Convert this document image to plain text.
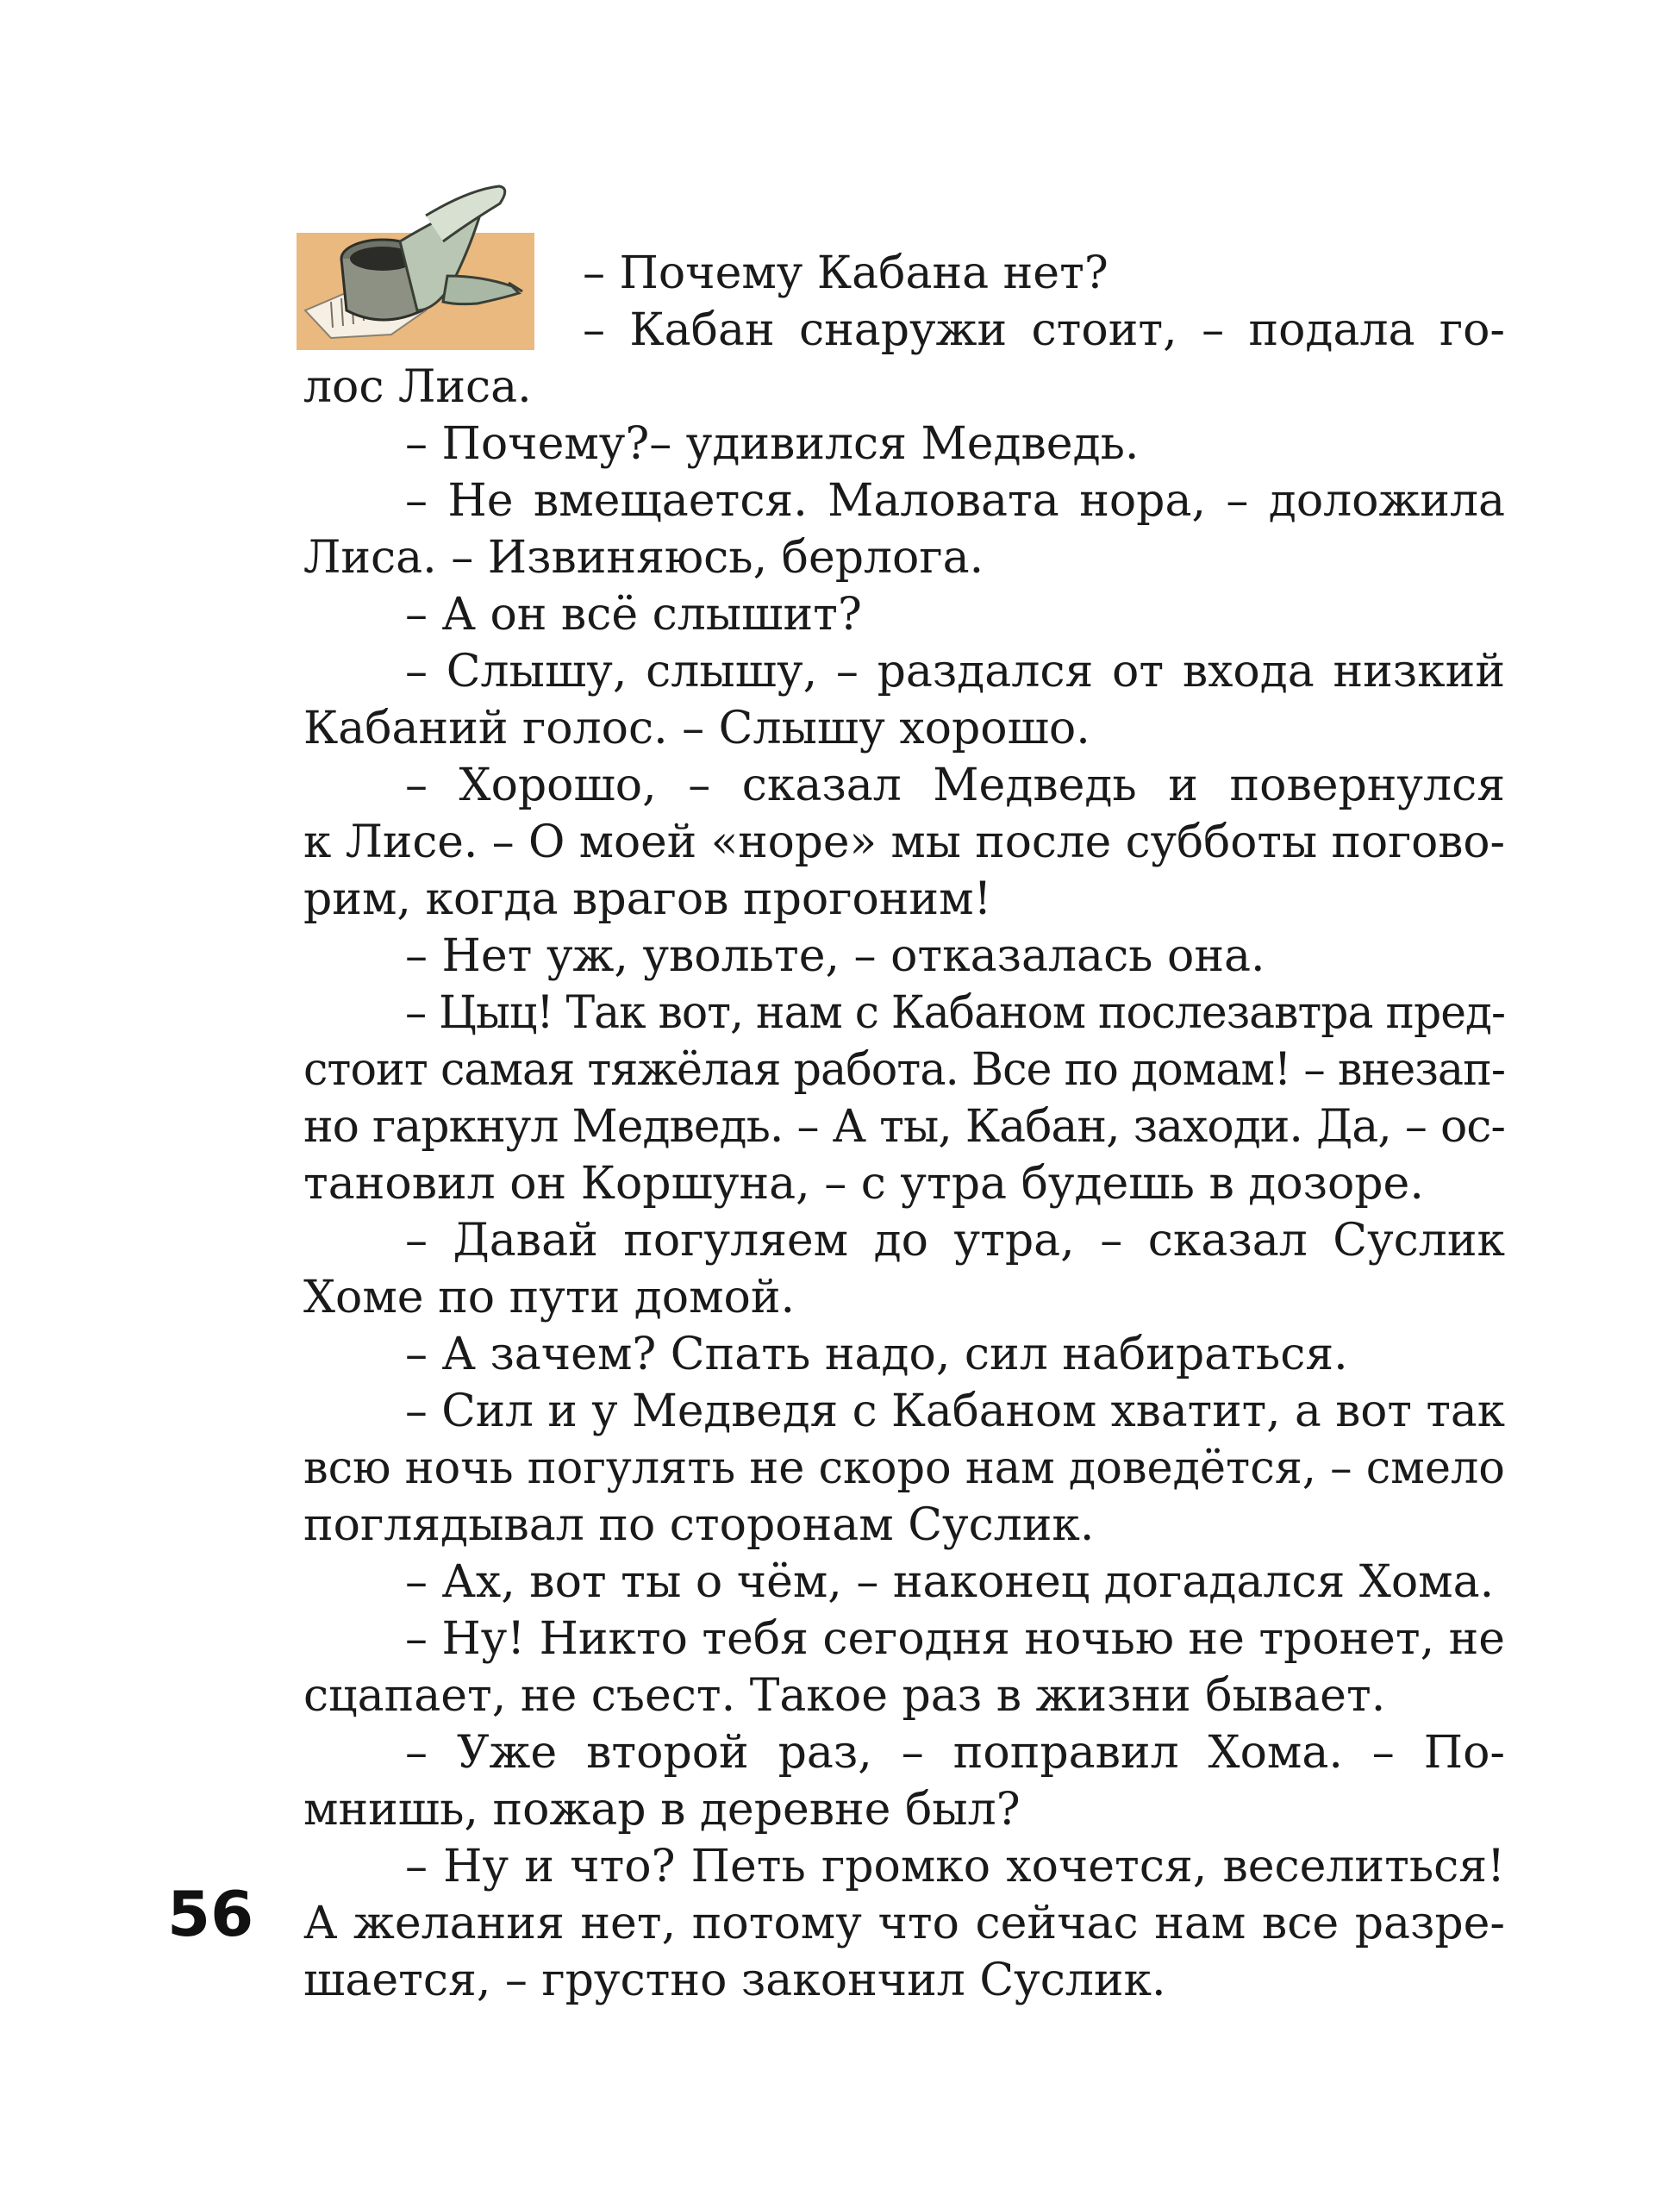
– Почему Кабана нет?
– Кабан снаружи стоит, – подала го-
лос Лиса.
– Почему?– удивился Медведь.
– Не вмещается. Маловата нора, – доложила
Лиса. – Извиняюсь, берлога.
– А он всё слышит?
– Слышу, слышу, – раздался от входа низкий
Кабаний голос. – Слышу хорошо.
– Хорошо, – сказал Медведь и повернулся
к Лисе. – О моей «норе» мы после субботы погово-
рим, когда врагов прогоним!
– Нет уж, увольте, – отказалась она.
– Цыц! Так вот, нам с Кабаном послезавтра пред-
стоит самая тяжёлая работа. Все по домам! – внезап-
но гаркнул Медведь. – А ты, Кабан, заходи. Да, – ос-
тановил он Коршуна, – с утра будешь в дозоре.
– Давай погуляем до утра, – сказал Суслик
Хоме по пути домой.
– А зачем? Спать надо, сил набираться.
– Сил и у Медведя с Кабаном хватит, а вот так
всю ночь погулять не скоро нам доведётся, – смело
поглядывал по сторонам Суслик.
– Ах, вот ты о чём, – наконец догадался Хома.
– Ну! Никто тебя сегодня ночью не тронет, не
сцапает, не съест. Такое раз в жизни бывает.
– Уже второй раз, – поправил Хома. – По-
мнишь, пожар в деревне был?
– Ну и что? Петь громко хочется, веселиться!
А желания нет, потому что сейчас нам все разре-
шается, – грустно закончил Суслик.
56
